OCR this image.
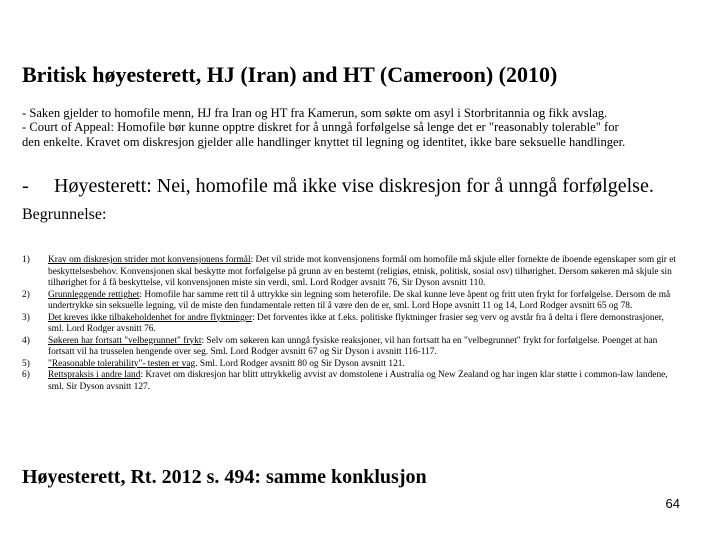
Britisk høyesterett, HJ (Iran) and HT (Cameroon) (2010)
- Saken gjelder to homofile menn, HJ fra Iran og HT fra Kamerun, som søkte om asyl i Storbritannia og fikk avslag.
- Court of Appeal: Homofile bør kunne opptre diskret for å unngå forfølgelse så lenge det er "reasonably tolerable" for
den enkelte. Kravet om diskresjon gjelder alle handlinger knyttet til legning og identitet, ikke bare seksuelle handlinger.

- Høyesterett: Nei, homofile må ikke vise diskresjon for å unngå forfølgelse.

Begrunnelse:

1)	Krav om diskresjon strider mot konvensjonens formål: Det vil stride mot konvensjonens formål om homofile må skjule eller fornekte de iboende egenskaper som gir et beskyttelsesbehov. Konvensjonen skal beskytte mot forfølgelse på grunn av en bestemt (religiøs, etnisk, politisk, sosial osv) tilhørighet. Dersom søkeren må skjule sin tilhørighet for å få beskyttelse, vil konvensjonen miste sin verdi, sml. Lord Rodger avsnitt 76, Sir Dyson avsnitt 110.
2)	Grunnleggende rettighet: Homofile har samme rett til å uttrykke sin legning som heterofile. De skal kunne leve åpent og fritt uten frykt for forfølgelse. Dersom de må undertrykke sin seksuelle legning, vil de miste den fundamentale retten til å være den de er, sml. Lord Hope avsnitt 11 og 14, Lord Rodger avsnitt 65 og 78.
3)	Det kreves ikke tilbakeholdenhet for andre flyktninger: Det forventes ikke at f.eks. politiske flyktninger frasier seg verv og avstår fra å delta i flere demonstrasjoner, sml. Lord Rodger avsnitt 76.
4)	Søkeren har fortsatt "velbegrunnet" frykt: Selv om søkeren kan unngå fysiske reaksjoner, vil han fortsatt ha en "velbegrunnet" frykt for forfølgelse. Poenget at han fortsatt vil ha trusselen hengende over seg. Sml. Lord Rodger avsnitt 67 og Sir Dyson i avsnitt 116-117.
5)	"Reasonable tolerability"- testen er vag. Sml. Lord Rodger avsnitt 80 og Sir Dyson avsnitt 121.
6)	Rettspraksis i andre land: Kravet om diskresjon har blitt uttrykkelig avvist av domstolene i Australia og New Zealand og har ingen klar støtte i common-law landene, sml. Sir Dyson avsnitt 127.

Høyesterett, Rt. 2012 s. 494: samme konklusjon

64
